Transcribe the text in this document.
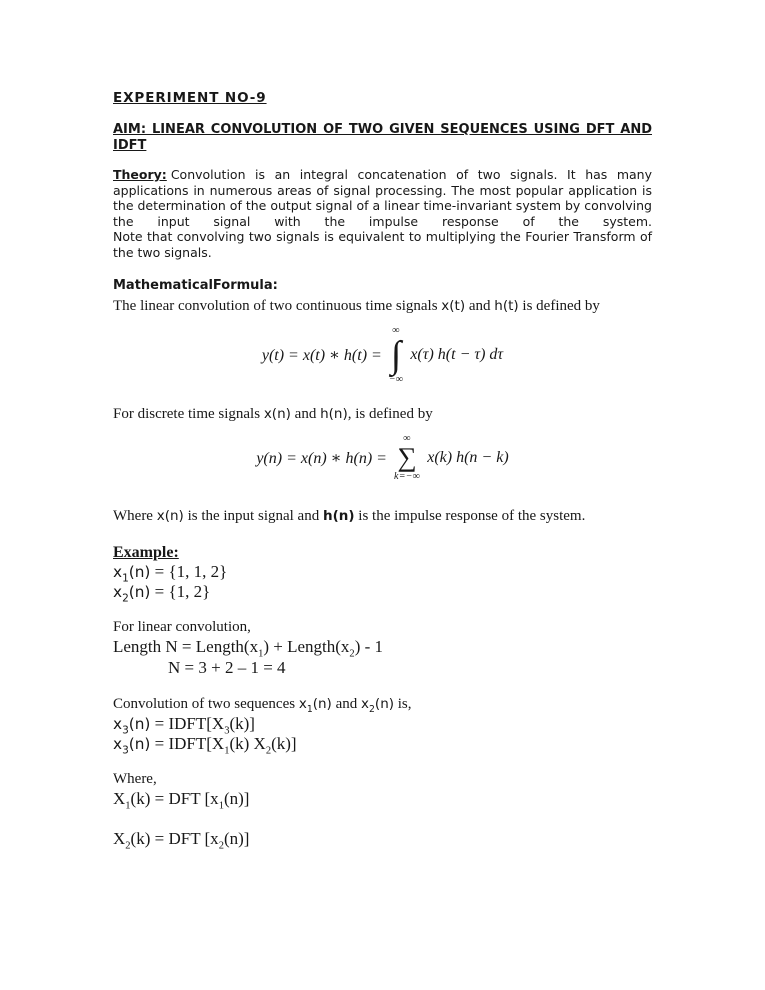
EXPERIMENT NO-9
AIM: LINEAR CONVOLUTION OF TWO GIVEN SEQUENCES USING DFT AND
IDFT
Theory: Convolution is an integral concatenation of two signals. It has many applications in numerous areas of signal processing. The most popular application is the determination of the output signal of a linear time-invariant system by convolving the input signal with the impulse response of the system.
Note that convolving two signals is equivalent to multiplying the Fourier Transform of the two signals.
MathematicalFormula:
The linear convolution of two continuous time signals x(t) and h(t) is defined by
y(t) = x(t) ∗ h(t) =
∞
∫
−∞
x(τ) h(t − τ) dτ
For discrete time signals x(n) and h(n), is defined by
y(n) = x(n) ∗ h(n) =
∞
∑
k=−∞
x(k) h(n − k)
Where x(n) is the input signal and h(n) is the impulse response of the system.
Example:
$x_1(n) = \{1$, 1, 2}
$x_2(n) = \{1$, 2}
For linear convolution,
Length $N = Length(x_1)$ + $Length(x_2) - 1$
N = 3 + 2 – 1 = 4
Convolution of two sequences $x_1(n)$ and $x_2(n)$ is,
$x_3(n)$ = $IDFT[X_3(k)]$
$x_3(n)$ = $IDFT[X_1(k)$ $X_2(k)$]
Where,
$X_1(k)$ = DFT $[x_1(n)]$
$X_2(k)$ = DFT $[x_2(n)]$
